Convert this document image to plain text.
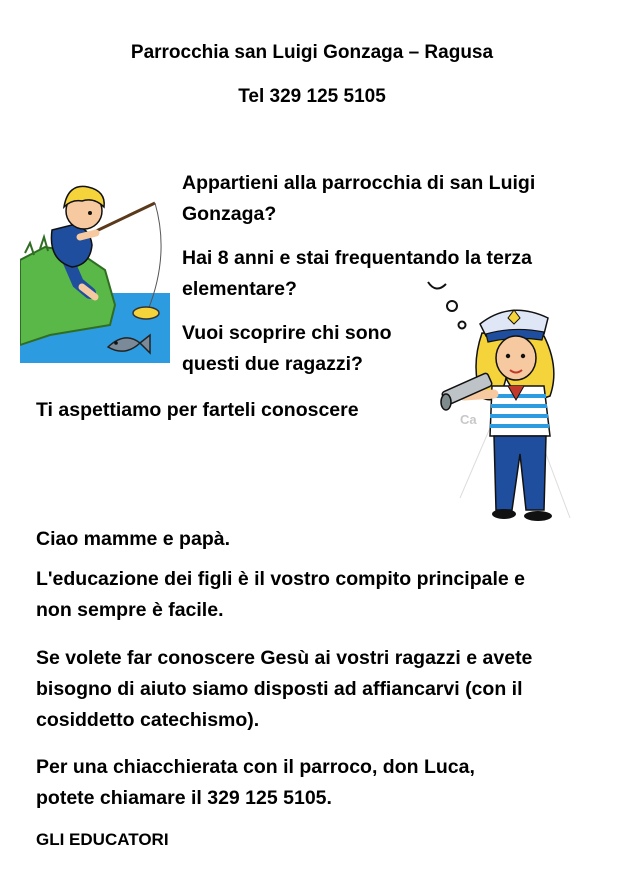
Parrocchia san Luigi Gonzaga – Ragusa

Tel 329 125 5105

Appartieni alla parrocchia di san Luigi

Gonzaga?

Hai 8 anni e stai frequentando la terza

elementare?

Vuoi scoprire chi sono

questi due ragazzi?

Ti aspettiamo per farteli conoscere	Ca

Ciao mamme e papà.

L'educazione dei figli è il vostro compito principale e

non sempre è facile.

Se volete far conoscere Gesù ai vostri ragazzi e avete

bisogno di aiuto siamo disposti ad affiancarvi (con il

cosiddetto catechismo).

Per una chiacchierata con il parroco, don Luca,

potete chiamare il 329 125 5105.

GLI EDUCATORI
